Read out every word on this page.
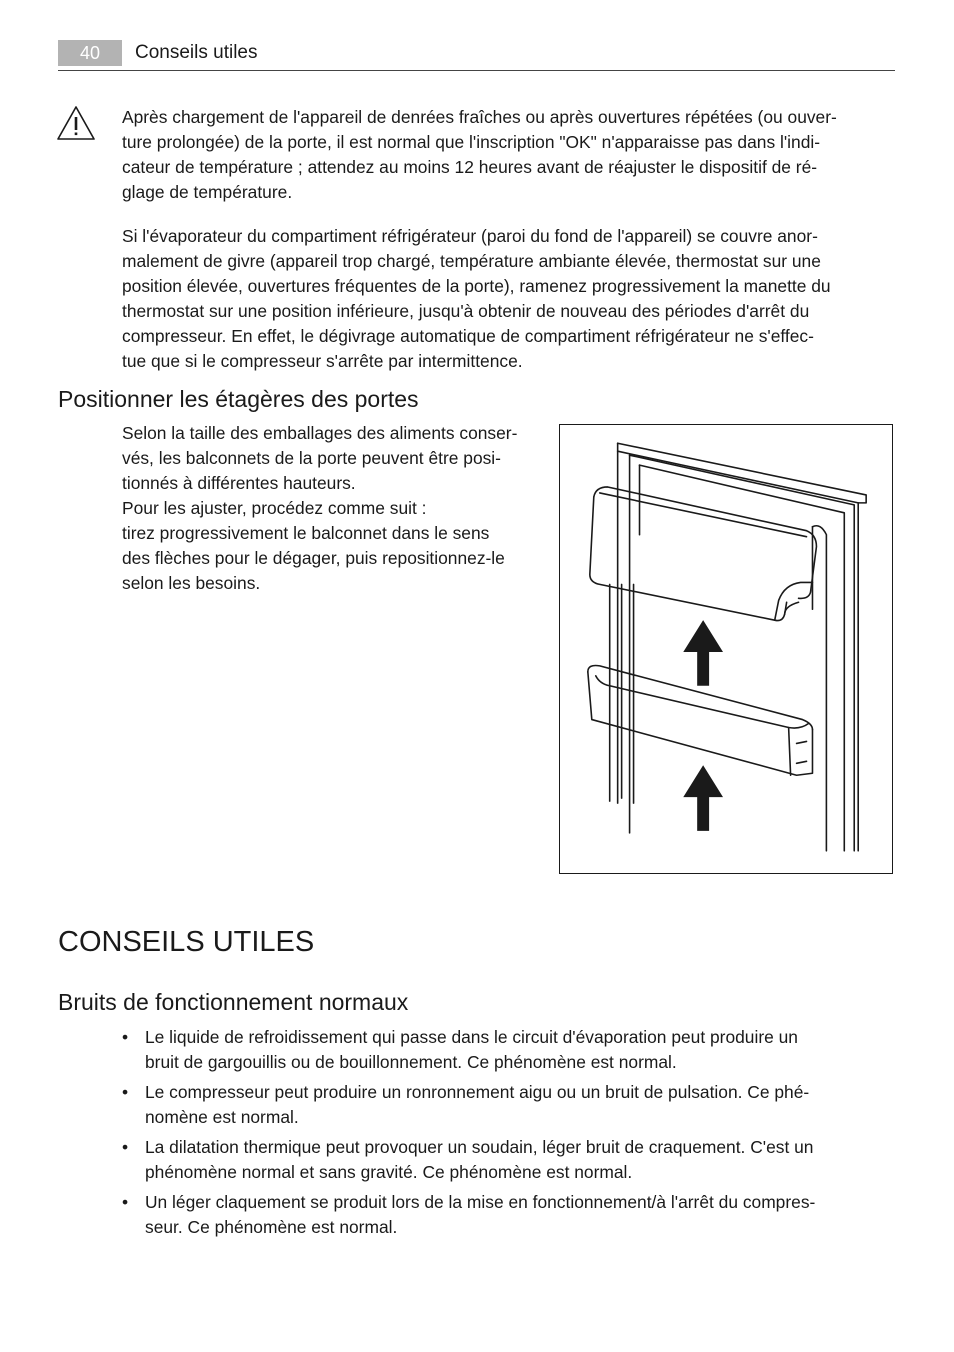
40	Conseils utiles
Après chargement de l'appareil de denrées fraîches ou après ouvertures répétées (ou ouver-
ture prolongée) de la porte, il est normal que l'inscription "OK" n'apparaisse pas dans l'indi-
cateur de température ; attendez au moins 12 heures avant de réajuster le dispositif de ré-
glage de température.
Si l'évaporateur du compartiment réfrigérateur (paroi du fond de l'appareil) se couvre anor-
malement de givre (appareil trop chargé, température ambiante élevée, thermostat sur une
position élevée, ouvertures fréquentes de la porte), ramenez progressivement la manette du
thermostat sur une position inférieure, jusqu'à obtenir de nouveau des périodes d'arrêt du
compresseur. En effet, le dégivrage automatique de compartiment réfrigérateur ne s'effec-
tue que si le compresseur s'arrête par intermittence.
Positionner les étagères des portes
Selon la taille des emballages des aliments conser-
vés, les balconnets de la porte peuvent être posi-
tionnés à différentes hauteurs.
Pour les ajuster, procédez comme suit :
tirez progressivement le balconnet dans le sens
des flèches pour le dégager, puis repositionnez-le
selon les besoins.
CONSEILS UTILES
Bruits de fonctionnement normaux
• Le liquide de refroidissement qui passe dans le circuit d'évaporation peut produire un
bruit de gargouillis ou de bouillonnement. Ce phénomène est normal.
• Le compresseur peut produire un ronronnement aigu ou un bruit de pulsation. Ce phé-
nomène est normal.
• La dilatation thermique peut provoquer un soudain, léger bruit de craquement. C'est un
phénomène normal et sans gravité. Ce phénomène est normal.
• Un léger claquement se produit lors de la mise en fonctionnement/à l'arrêt du compres-
seur. Ce phénomène est normal.
